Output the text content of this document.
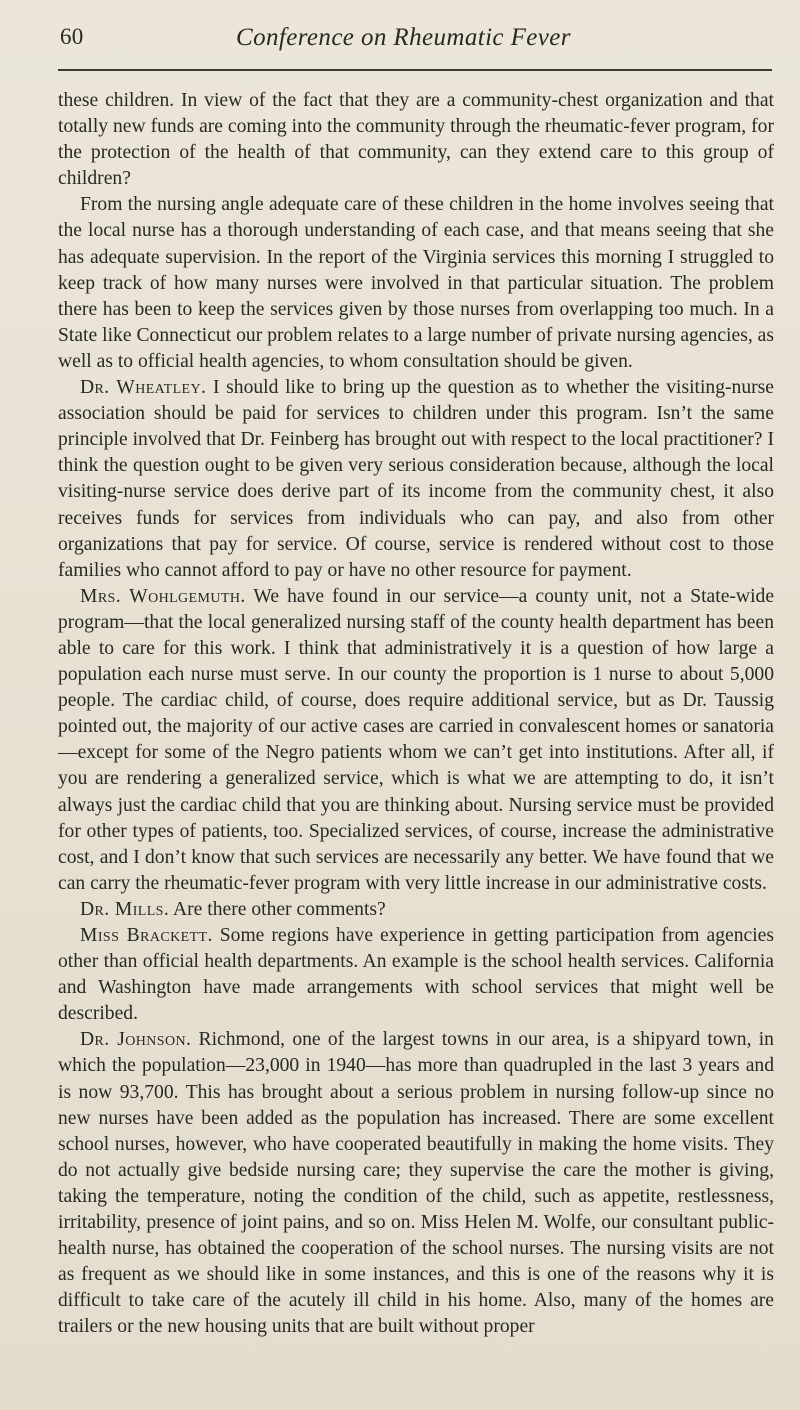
60	Conference on Rheumatic Fever

these children. In view of the fact that they are a community-chest organization and that totally new funds are coming into the community through the rheumatic-fever program, for the protection of the health of that community, can they extend care to this group of children?

From the nursing angle adequate care of these children in the home involves seeing that the local nurse has a thorough understanding of each case, and that means seeing that she has adequate supervision. In the report of the Virginia services this morning I struggled to keep track of how many nurses were involved in that particular situation. The problem there has been to keep the services given by those nurses from overlapping too much. In a State like Connecticut our problem relates to a large number of private nursing agencies, as well as to official health agencies, to whom consultation should be given.

Dr. Wheatley. I should like to bring up the question as to whether the visiting-nurse association should be paid for services to children under this program. Isn’t the same principle involved that Dr. Feinberg has brought out with respect to the local practitioner? I think the question ought to be given very serious consideration because, although the local visiting-nurse service does derive part of its income from the community chest, it also receives funds for services from individuals who can pay, and also from other organizations that pay for service. Of course, service is rendered without cost to those families who cannot afford to pay or have no other resource for payment.

Mrs. Wohlgemuth. We have found in our service—a county unit, not a State-wide program—that the local generalized nursing staff of the county health department has been able to care for this work. I think that administratively it is a question of how large a population each nurse must serve. In our county the proportion is 1 nurse to about 5,000 people. The cardiac child, of course, does require additional service, but as Dr. Taussig pointed out, the majority of our active cases are carried in convalescent homes or sanatoria—except for some of the Negro patients whom we can’t get into institutions. After all, if you are rendering a generalized service, which is what we are attempting to do, it isn’t always just the cardiac child that you are thinking about. Nursing service must be provided for other types of patients, too. Specialized services, of course, increase the administrative cost, and I don’t know that such services are necessarily any better. We have found that we can carry the rheumatic-fever program with very little increase in our administrative costs.

Dr. Mills. Are there other comments?

Miss Brackett. Some regions have experience in getting participation from agencies other than official health departments. An example is the school health services. California and Washington have made arrangements with school services that might well be described.

Dr. Johnson. Richmond, one of the largest towns in our area, is a shipyard town, in which the population—23,000 in 1940—has more than quadrupled in the last 3 years and is now 93,700. This has brought about a serious problem in nursing follow-up since no new nurses have been added as the population has increased. There are some excellent school nurses, however, who have cooperated beautifully in making the home visits. They do not actually give bedside nursing care; they supervise the care the mother is giving, taking the temperature, noting the condition of the child, such as appetite, restlessness, irritability, presence of joint pains, and so on. Miss Helen M. Wolfe, our consultant public-health nurse, has obtained the cooperation of the school nurses. The nursing visits are not as frequent as we should like in some instances, and this is one of the reasons why it is difficult to take care of the acutely ill child in his home. Also, many of the homes are trailers or the new housing units that are built without proper
